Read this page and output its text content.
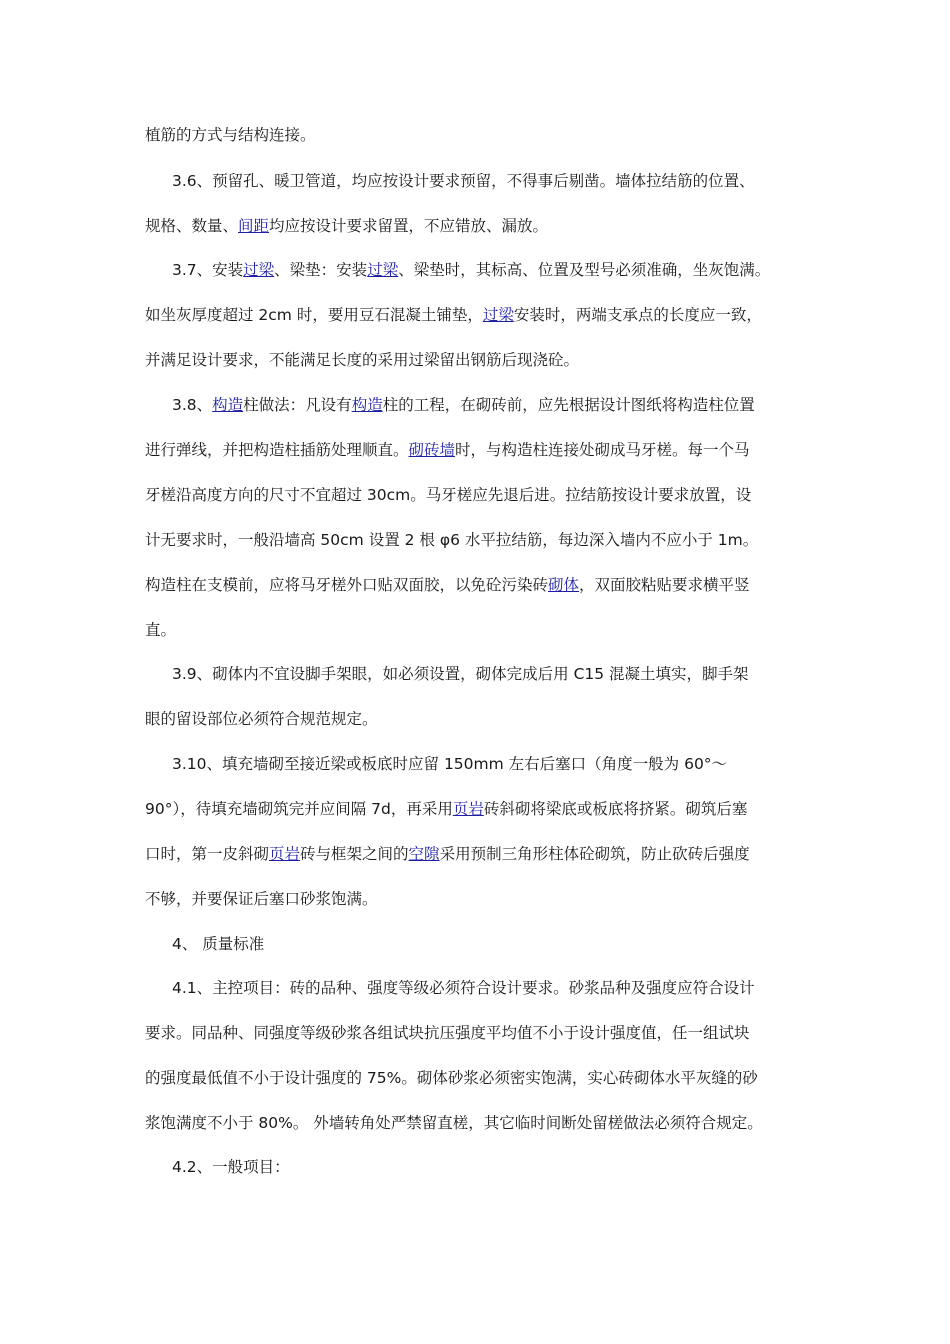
植筋的方式与结构连接。
3.6、预留孔、暖卫管道，均应按设计要求预留，不得事后剔凿。墙体拉结筋的位置、
规格、数量、间距均应按设计要求留置，不应错放、漏放。
3.7、安装过梁、梁垫：安装过梁、梁垫时，其标高、位置及型号必须准确，坐灰饱满。
如坐灰厚度超过 2cm 时，要用豆石混凝土铺垫，过梁安装时，两端支承点的长度应一致，
并满足设计要求，不能满足长度的采用过梁留出钢筋后现浇砼。
3.8、构造柱做法：凡设有构造柱的工程，在砌砖前，应先根据设计图纸将构造柱位置
进行弹线，并把构造柱插筋处理顺直。砌砖墙时，与构造柱连接处砌成马牙槎。每一个马
牙槎沿高度方向的尺寸不宜超过 30cm。马牙槎应先退后进。拉结筋按设计要求放置，设
计无要求时，一般沿墙高 50cm 设置 2 根 φ6 水平拉结筋，每边深入墙内不应小于 1m。
构造柱在支模前，应将马牙槎外口贴双面胶，以免砼污染砖砌体，双面胶粘贴要求横平竖
直。
3.9、砌体内不宜设脚手架眼，如必须设置，砌体完成后用 C15 混凝土填实，脚手架
眼的留设部位必须符合规范规定。
3.10、填充墙砌至接近梁或板底时应留 150mm 左右后塞口（角度一般为 60°～
90°），待填充墙砌筑完并应间隔 7d，再采用页岩砖斜砌将梁底或板底将挤紧。砌筑后塞
口时，第一皮斜砌页岩砖与框架之间的空隙采用预制三角形柱体砼砌筑，防止砍砖后强度
不够，并要保证后塞口砂浆饱满。
4、 质量标准
4.1、主控项目：砖的品种、强度等级必须符合设计要求。砂浆品种及强度应符合设计
要求。同品种、同强度等级砂浆各组试块抗压强度平均值不小于设计强度值，任一组试块
的强度最低值不小于设计强度的 75%。砌体砂浆必须密实饱满，实心砖砌体水平灰缝的砂
浆饱满度不小于 80%。 外墙转角处严禁留直槎，其它临时间断处留槎做法必须符合规定。
4.2、一般项目：
